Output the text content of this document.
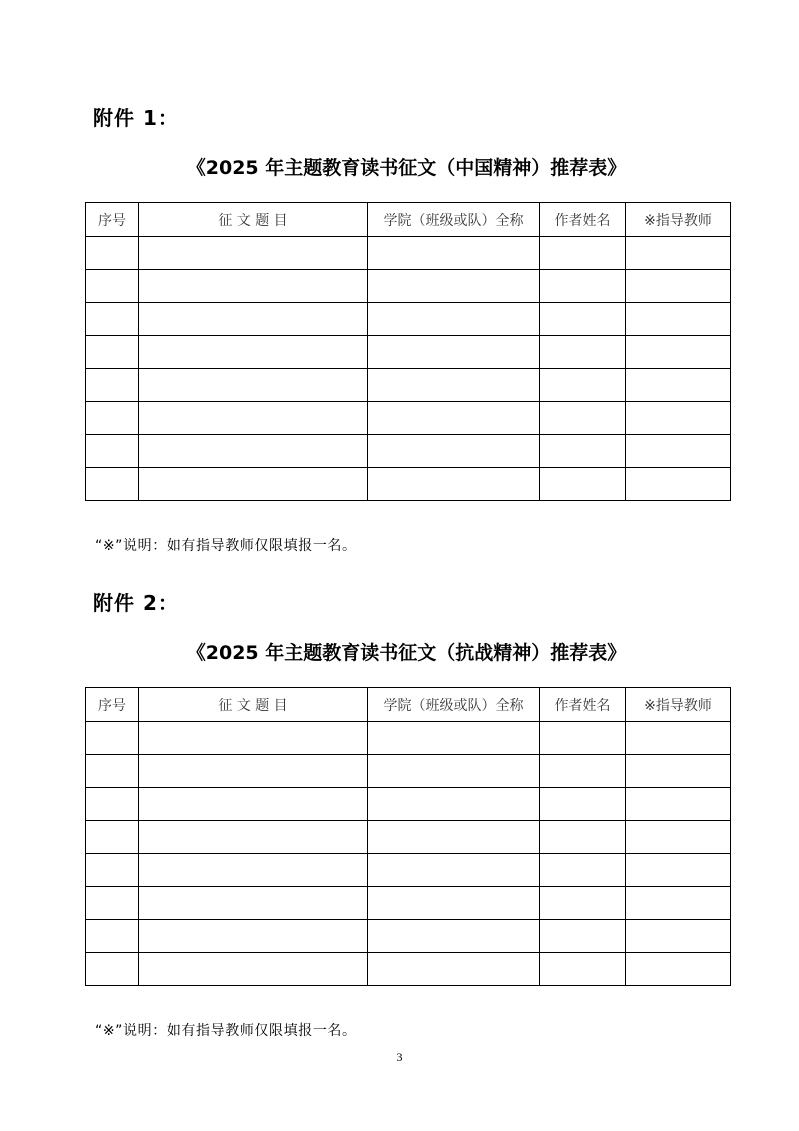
附件 1：
《2025 年主题教育读书征文（中国精神）推荐表》
序号	征 文 题 目	学院（班级或队）全称	作者姓名	※指导教师

“※”说明：如有指导教师仅限填报一名。
附件 2：
《2025 年主题教育读书征文（抗战精神）推荐表》
序号	征 文 题 目	学院（班级或队）全称	作者姓名	※指导教师

“※”说明：如有指导教师仅限填报一名。
3
